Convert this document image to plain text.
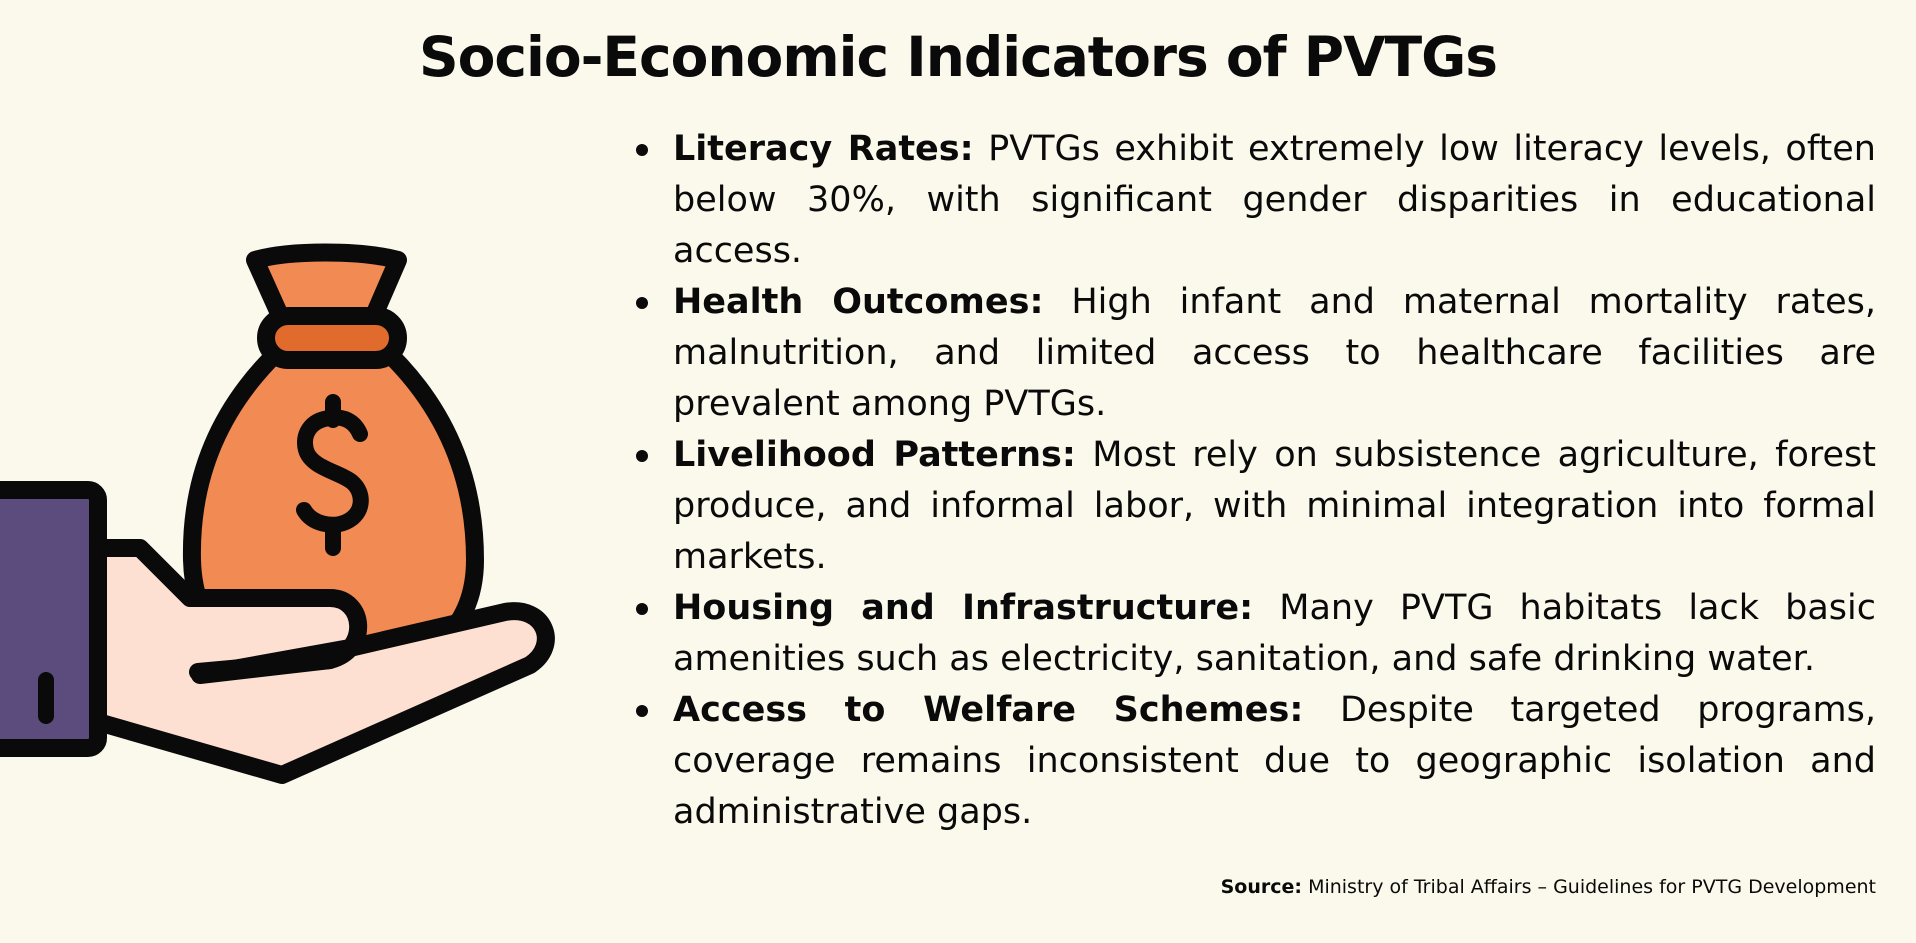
Socio-Economic Indicators of PVTGs
Literacy Rates: PVTGs exhibit extremely low literacy levels, often below 30%, with significant gender disparities in educational access.
Health Outcomes: High infant and maternal mortality rates, malnutrition, and limited access to healthcare facilities are prevalent among PVTGs.
Livelihood Patterns: Most rely on subsistence agriculture, forest produce, and informal labor, with minimal integration into formal markets.
Housing and Infrastructure: Many PVTG habitats lack basic amenities such as electricity, sanitation, and safe drinking water.
Access to Welfare Schemes: Despite targeted programs, coverage remains inconsistent due to geographic isolation and administrative gaps.
Source: Ministry of Tribal Affairs – Guidelines for PVTG Development
